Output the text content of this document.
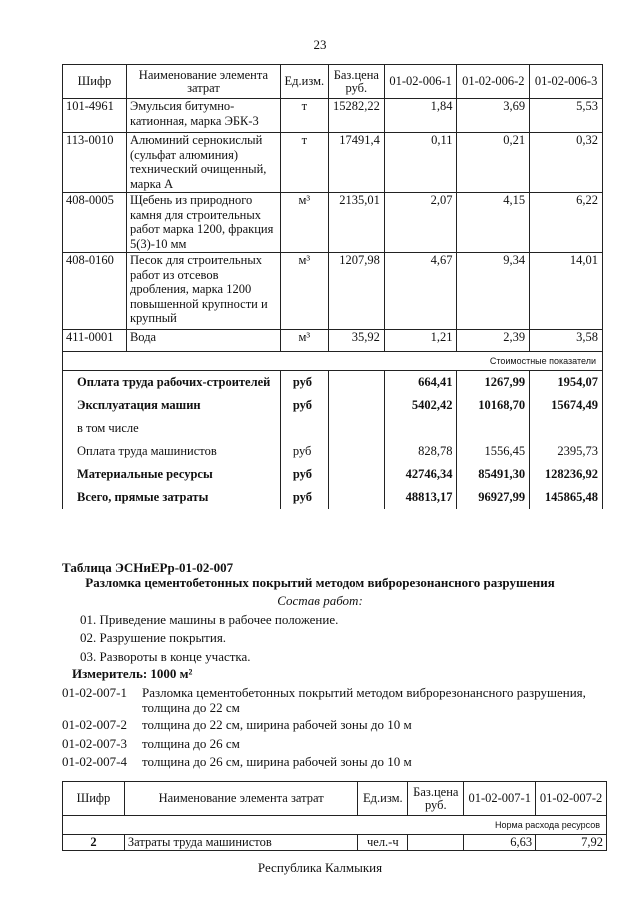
23
Шифр	Наименование элемента затрат	Ед.изм.	Баз.цена руб.	01-02-006-1	01-02-006-2	01-02-006-3
101-4961	Эмульсия битумно-катионная, марка ЭБК-3	т	15282,22	1,84	3,69	5,53
113-0010	Алюминий сернокислый (сульфат алюминия) технический очищенный, марка А	т	17491,4	0,11	0,21	0,32
408-0005	Щебень из природного камня для строительных работ марка 1200, фракция 5(3)-10 мм	м³	2135,01	2,07	4,15	6,22
408-0160	Песок для строительных работ из отсевов дробления, марка 1200 повышенной крупности и крупный	м³	1207,98	4,67	9,34	14,01
411-0001	Вода	м³	35,92	1,21	2,39	3,58
Стоимостные показатели						
Оплата труда рабочих-строителей		руб		664,41	1267,99	1954,07
Эксплуатация машин		руб		5402,42	10168,70	15674,49
в том числе						
Оплата труда машинистов		руб		828,78	1556,45	2395,73
Материальные ресурсы		руб		42746,34	85491,30	128236,92
Всего, прямые затраты		руб		48813,17	96927,99	145865,48
Таблица ЭСНиЕРр-01-02-007
Разломка цементобетонных покрытий методом виброрезонансного разрушения
Состав работ:
01. Приведение машины в рабочее положение.
02. Разрушение покрытия.
03. Развороты в конце участка.
Измеритель: 1000 м²
01-02-007-1 Разломка цементобетонных покрытий методом виброрезонансного разрушения,
толщина до 22 см
01-02-007-2 толщина до 22 см, ширина рабочей зоны до 10 м
01-02-007-3 толщина до 26 см
01-02-007-4 толщина до 26 см, ширина рабочей зоны до 10 м
Шифр	Наименование элемента затрат	Ед.изм.	Баз.цена руб.	01-02-007-1	01-02-007-2
Норма расхода ресурсов					
2	Затраты труда машинистов	чел.-ч		6,63	7,92
Республика Калмыкия
